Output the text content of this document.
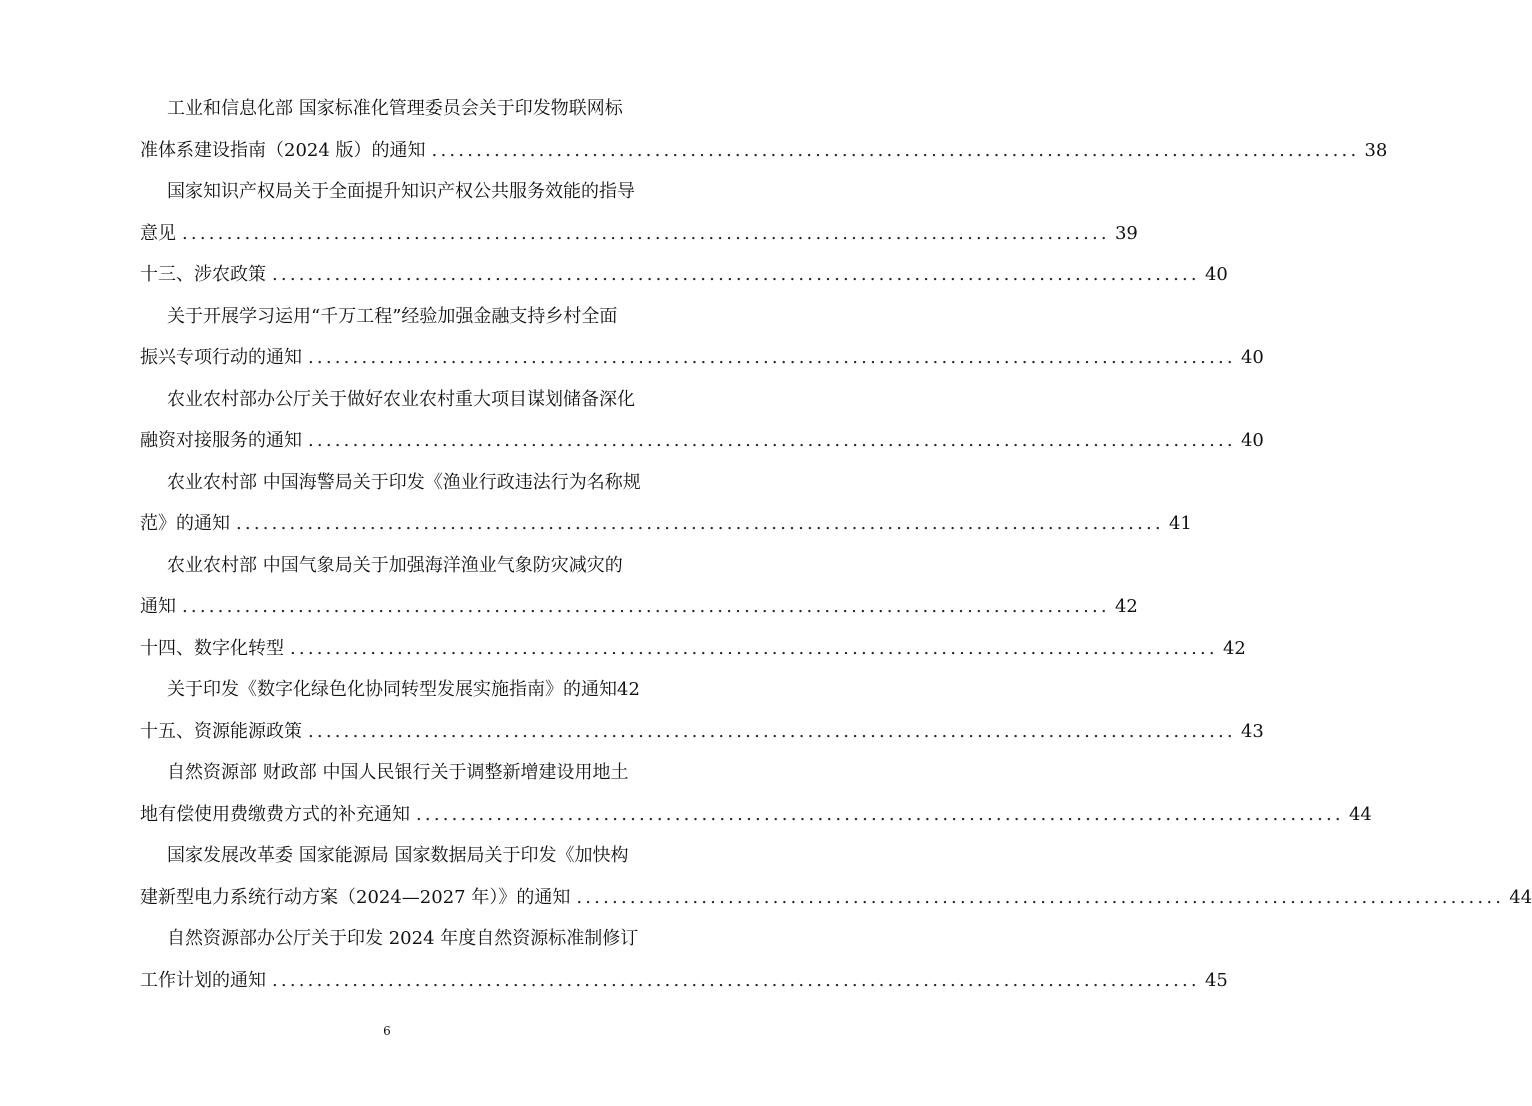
工业和信息化部 国家标准化管理委员会关于印发物联网标
准体系建设指南（2024 版）的通知 ........................................................................................................ 38
国家知识产权局关于全面提升知识产权公共服务效能的指导
意见 ........................................................................................................ 39
十三、涉农政策 ........................................................................................................ 40
关于开展学习运用“千万工程”经验加强金融支持乡村全面
振兴专项行动的通知 ........................................................................................................ 40
农业农村部办公厅关于做好农业农村重大项目谋划储备深化
融资对接服务的通知 ........................................................................................................ 40
农业农村部 中国海警局关于印发《渔业行政违法行为名称规
范》的通知 ........................................................................................................ 41
农业农村部 中国气象局关于加强海洋渔业气象防灾减灾的
通知 ........................................................................................................ 42
十四、数字化转型 ........................................................................................................ 42
关于印发《数字化绿色化协同转型发展实施指南》的通知 42
十五、资源能源政策 ........................................................................................................ 43
自然资源部 财政部 中国人民银行关于调整新增建设用地土
地有偿使用费缴费方式的补充通知 ........................................................................................................ 44
国家发展改革委 国家能源局 国家数据局关于印发《加快构
建新型电力系统行动方案（2024—2027 年）》的通知 ........................................................................................................ 44
自然资源部办公厅关于印发 2024 年度自然资源标准制修订
工作计划的通知 ........................................................................................................ 45
6
